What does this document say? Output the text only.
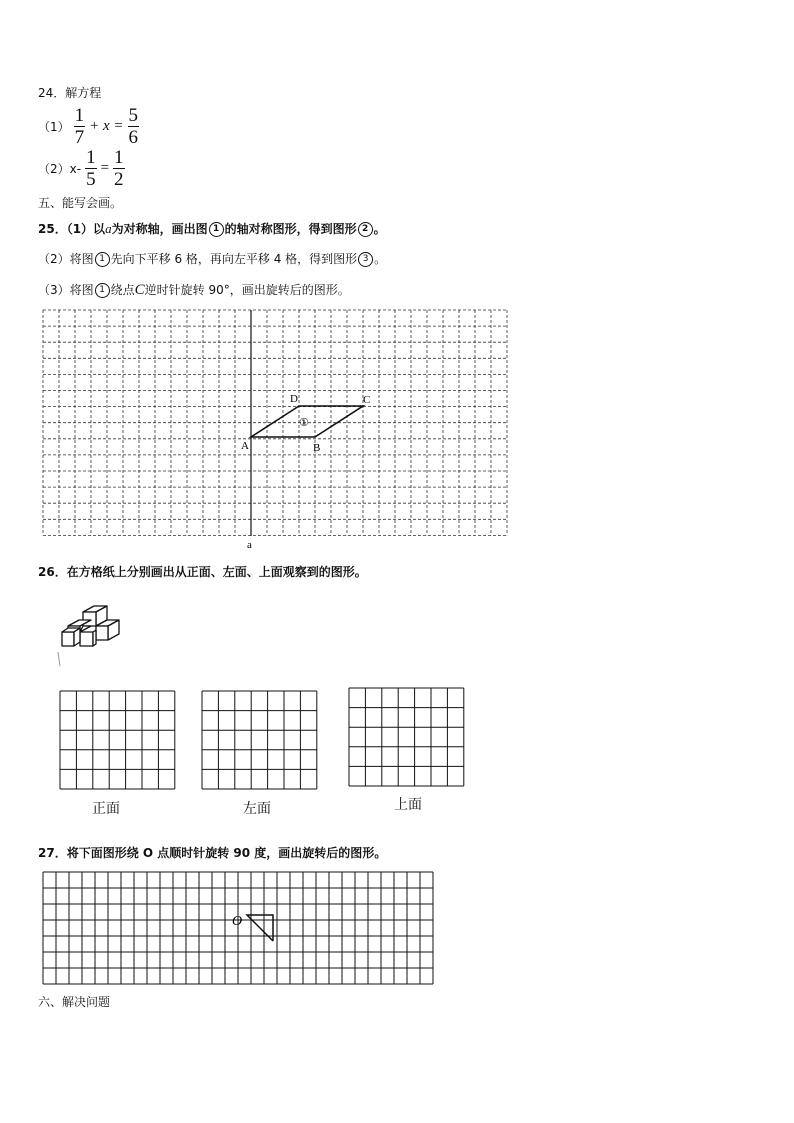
24．解方程
$(1) \frac{1}{7} + x = \frac{5}{6}$
$(2)x- \frac{1}{5} = \frac{1}{2}$
五、能写会画。
25．（1）以a为对称轴，画出图 1 的轴对称图形，得到图形 2 。
（2）将图 1 先向下平移 6 格，再向左平移 4 格，得到图形 3 。
（3）将图 1 绕点C逆时针旋转 90°，画出旋转后的图形。
A	B
C
D
①
a
26．在方格纸上分别画出从正面、左面、上面观察到的图形。
正面	左面	上面
27．将下面图形绕 O 点顺时针旋转 90 度，画出旋转后的图形。
O
六、解决问题
